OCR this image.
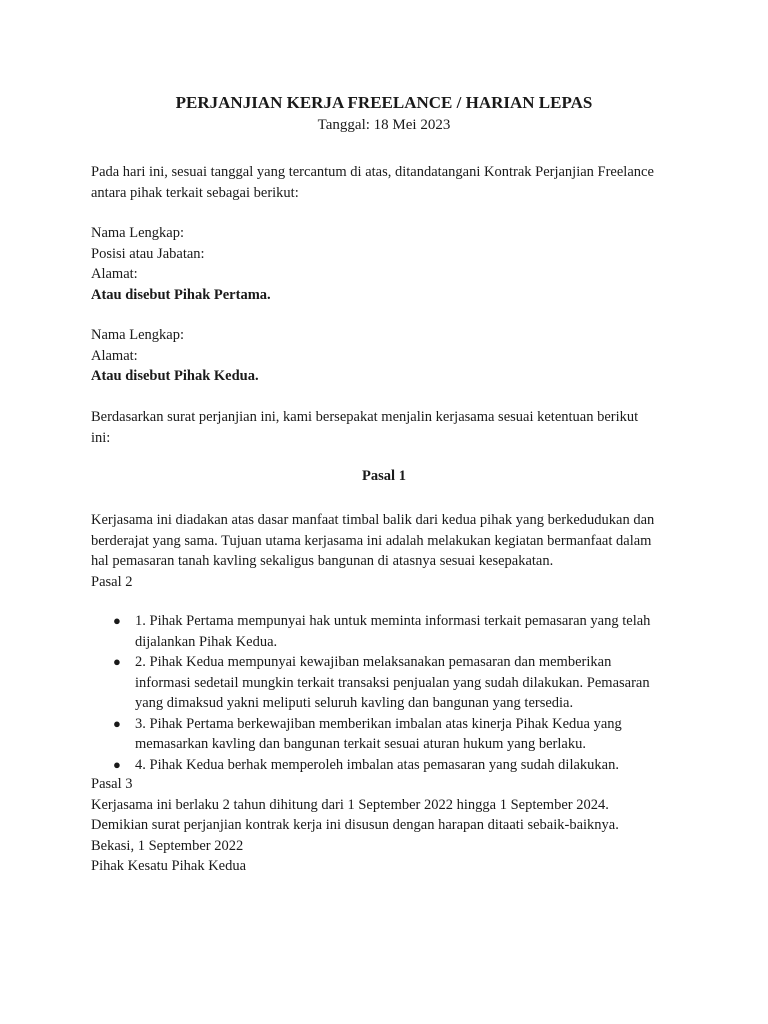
PERJANJIAN KERJA FREELANCE / HARIAN LEPAS

Tanggal: 18 Mei 2023

Pada hari ini, sesuai tanggal yang tercantum di atas, ditandatangani Kontrak Perjanjian Freelance
antara pihak terkait sebagai berikut:
Nama Lengkap:
Posisi atau Jabatan:
Alamat:
Atau disebut Pihak Pertama.
Nama Lengkap:
Alamat:
Atau disebut Pihak Kedua.
Berdasarkan surat perjanjian ini, kami bersepakat menjalin kerjasama sesuai ketentuan berikut
ini:
Pasal 1
Kerjasama ini diadakan atas dasar manfaat timbal balik dari kedua pihak yang berkedudukan dan
berderajat yang sama. Tujuan utama kerjasama ini adalah melakukan kegiatan bermanfaat dalam
hal pemasaran tanah kavling sekaligus bangunan di atasnya sesuai kesepakatan.
Pasal 2
● 1. Pihak Pertama mempunyai hak untuk meminta informasi terkait pemasaran yang telah
dijalankan Pihak Kedua.
● 2. Pihak Kedua mempunyai kewajiban melaksanakan pemasaran dan memberikan
informasi sedetail mungkin terkait transaksi penjualan yang sudah dilakukan. Pemasaran
yang dimaksud yakni meliputi seluruh kavling dan bangunan yang tersedia.
● 3. Pihak Pertama berkewajiban memberikan imbalan atas kinerja Pihak Kedua yang
memasarkan kavling dan bangunan terkait sesuai aturan hukum yang berlaku.
● 4. Pihak Kedua berhak memperoleh imbalan atas pemasaran yang sudah dilakukan.
Pasal 3
Kerjasama ini berlaku 2 tahun dihitung dari 1 September 2022 hingga 1 September 2024.
Demikian surat perjanjian kontrak kerja ini disusun dengan harapan ditaati sebaik-baiknya.
Bekasi, 1 September 2022
Pihak Kesatu Pihak Kedua
